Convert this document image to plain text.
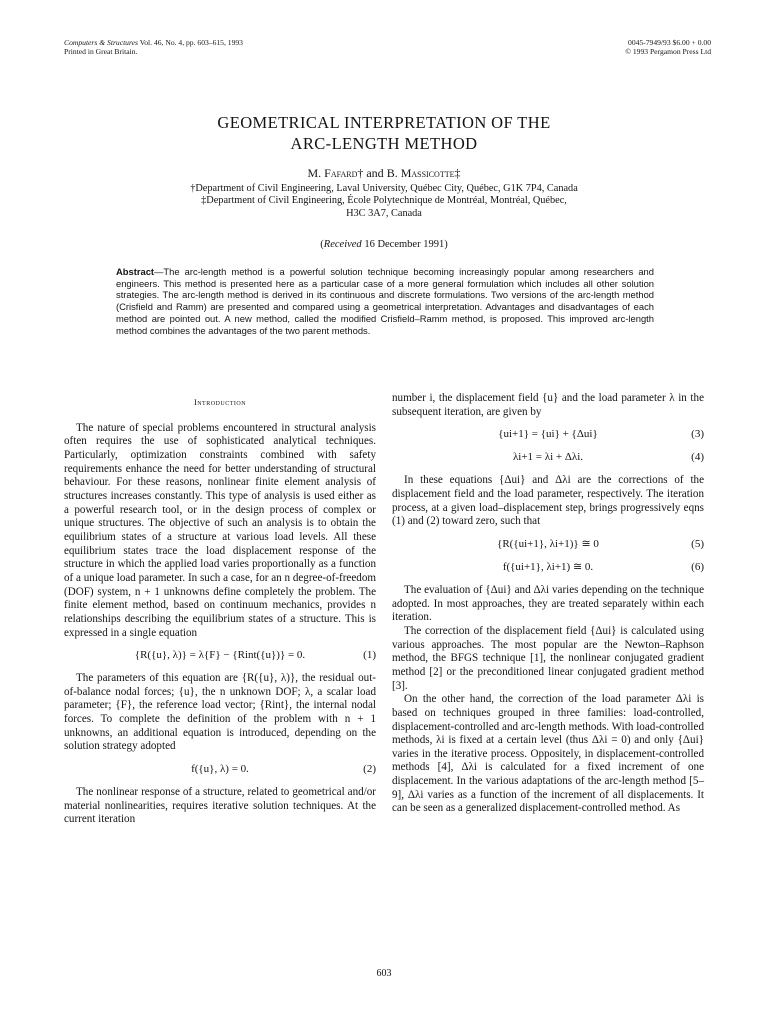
Computers & Structures Vol. 46, No. 4, pp. 603–615, 1993
Printed in Great Britain.
0045-7949/93 $6.00 + 0.00
© 1993 Pergamon Press Ltd
GEOMETRICAL INTERPRETATION OF THE
ARC-LENGTH METHOD
M. Fafard† and B. Massicotte‡
†Department of Civil Engineering, Laval University, Québec City, Québec, G1K 7P4, Canada
‡Department of Civil Engineering, École Polytechnique de Montréal, Montréal, Québec,
H3C 3A7, Canada
(Received 16 December 1991)
Abstract—The arc-length method is a powerful solution technique becoming increasingly popular among researchers and engineers. This method is presented here as a particular case of a more general formulation which includes all other solution strategies. The arc-length method is derived in its continuous and discrete formulations. Two versions of the arc-length method (Crisfield and Ramm) are presented and compared using a geometrical interpretation. Advantages and disadvantages of each method are pointed out. A new method, called the modified Crisfield–Ramm method, is proposed. This improved arc-length method combines the advantages of the two parent methods.
Introduction

The nature of special problems encountered in structural analysis often requires the use of sophisticated analytical techniques. Particularly, optimization constraints combined with safety requirements enhance the need for better understanding of structural behaviour. For these reasons, nonlinear finite element analysis of structures increases constantly. This type of analysis is used either as a powerful research tool, or in the design process of complex or unique structures. The objective of such an analysis is to obtain the equilibrium states of a structure at various load levels. All these equilibrium states trace the load displacement response of the structure in which the applied load varies proportionally as a function of a unique load parameter. In such a case, for an n degree-of-freedom (DOF) system, n + 1 unknowns define completely the problem. The finite element method, based on continuum mechanics, provides n relationships describing the equilibrium states of a structure. This is expressed in a single equation

{R({u}, λ)} = λ{F} − {Rint({u})} = 0.	(1)

The parameters of this equation are {R({u}, λ)}, the residual out-of-balance nodal forces; {u}, the n unknown DOF; λ, a scalar load parameter; {F}, the reference load vector; {Rint}, the internal nodal forces. To complete the definition of the problem with n + 1 unknowns, an additional equation is introduced, depending on the solution strategy adopted

f({u}, λ) = 0.	(2)

The nonlinear response of a structure, related to geometrical and/or material nonlinearities, requires iterative solution techniques. At the current iteration

number i, the displacement field {u} and the load parameter λ in the subsequent iteration, are given by

{ui+1} = {ui} + {Δui}	(3)
λi+1 = λi + Δλi.	(4)

In these equations {Δui} and Δλi are the corrections of the displacement field and the load parameter, respectively. The iteration process, at a given load–displacement step, brings progressively eqns (1) and (2) toward zero, such that

{R({ui+1}, λi+1)} ≅ 0	(5)
f({ui+1}, λi+1) ≅ 0.	(6)

The evaluation of {Δui} and Δλi varies depending on the technique adopted. In most approaches, they are treated separately within each iteration.

The correction of the displacement field {Δui} is calculated using various approaches. The most popular are the Newton–Raphson method, the BFGS technique [1], the nonlinear conjugated gradient method [2] or the preconditioned linear conjugated gradient method [3].

On the other hand, the correction of the load parameter Δλi is based on techniques grouped in three families: load-controlled, displacement-controlled and arc-length methods. With load-controlled methods, λi is fixed at a certain level (thus Δλi = 0) and only {Δui} varies in the iterative process. Oppositely, in displacement-controlled methods [4], Δλi is calculated for a fixed increment of one displacement. In the various adaptations of the arc-length method [5–9], Δλi varies as a function of the increment of all displacements. It can be seen as a generalized displacement-controlled method. As

603
